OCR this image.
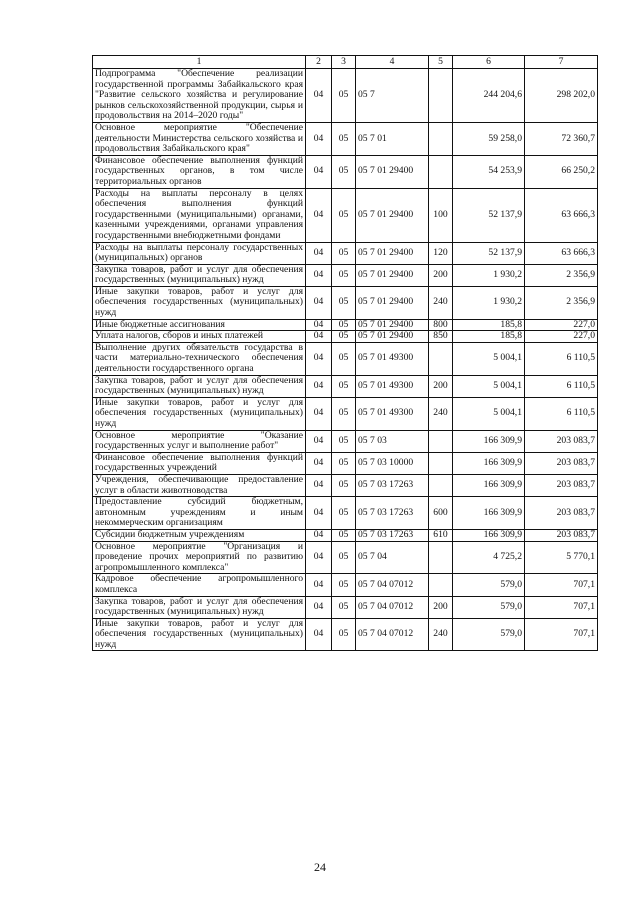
1	2	3	4	5	6	7
Подпрограмма "Обеспечение реализации государственной программы Забайкальского края "Развитие сельского хозяйства и регулирование рынков сельскохозяйственной продукции, сырья и продовольствия на 2014–2020 годы"	04	05	05 7		244 204,6	298 202,0
Основное мероприятие "Обеспечение деятельности Министерства сельского хозяйства и продовольствия Забайкальского края"	04	05	05 7 01		59 258,0	72 360,7
Финансовое обеспечение выполнения функций государственных органов, в том числе территориальных органов	04	05	05 7 01 29400		54 253,9	66 250,2
Расходы на выплаты персоналу в целях обеспечения выполнения функций государственными (муниципальными) органами, казенными учреждениями, органами управления государственными внебюджетными фондами	04	05	05 7 01 29400	100	52 137,9	63 666,3
Расходы на выплаты персоналу государственных (муниципальных) органов	04	05	05 7 01 29400	120	52 137,9	63 666,3
Закупка товаров, работ и услуг для обеспечения государственных (муниципальных) нужд	04	05	05 7 01 29400	200	1 930,2	2 356,9
Иные закупки товаров, работ и услуг для обеспечения государственных (муниципальных) нужд	04	05	05 7 01 29400	240	1 930,2	2 356,9
Иные бюджетные ассигнования	04	05	05 7 01 29400	800	185,8	227,0
Уплата налогов, сборов и иных платежей	04	05	05 7 01 29400	850	185,8	227,0
Выполнение других обязательств государства в части материально-технического обеспечения деятельности государственного органа	04	05	05 7 01 49300		5 004,1	6 110,5
Закупка товаров, работ и услуг для обеспечения государственных (муниципальных) нужд	04	05	05 7 01 49300	200	5 004,1	6 110,5
Иные закупки товаров, работ и услуг для обеспечения государственных (муниципальных) нужд	04	05	05 7 01 49300	240	5 004,1	6 110,5
Основное мероприятие "Оказание государственных услуг и выполнение работ"	04	05	05 7 03		166 309,9	203 083,7
Финансовое обеспечение выполнения функций государственных учреждений	04	05	05 7 03 10000		166 309,9	203 083,7
Учреждения, обеспечивающие предоставление услуг в области животноводства	04	05	05 7 03 17263		166 309,9	203 083,7
Предоставление субсидий бюджетным, автономным учреждениям и иным некоммерческим организациям	04	05	05 7 03 17263	600	166 309,9	203 083,7
Субсидии бюджетным учреждениям	04	05	05 7 03 17263	610	166 309,9	203 083,7
Основное мероприятие "Организация и проведение прочих мероприятий по развитию агропромышленного комплекса"	04	05	05 7 04		4 725,2	5 770,1
Кадровое обеспечение агропромышленного комплекса	04	05	05 7 04 07012		579,0	707,1
Закупка товаров, работ и услуг для обеспечения государственных (муниципальных) нужд	04	05	05 7 04 07012	200	579,0	707,1
Иные закупки товаров, работ и услуг для обеспечения государственных (муниципальных) нужд	04	05	05 7 04 07012	240	579,0	707,1
24
